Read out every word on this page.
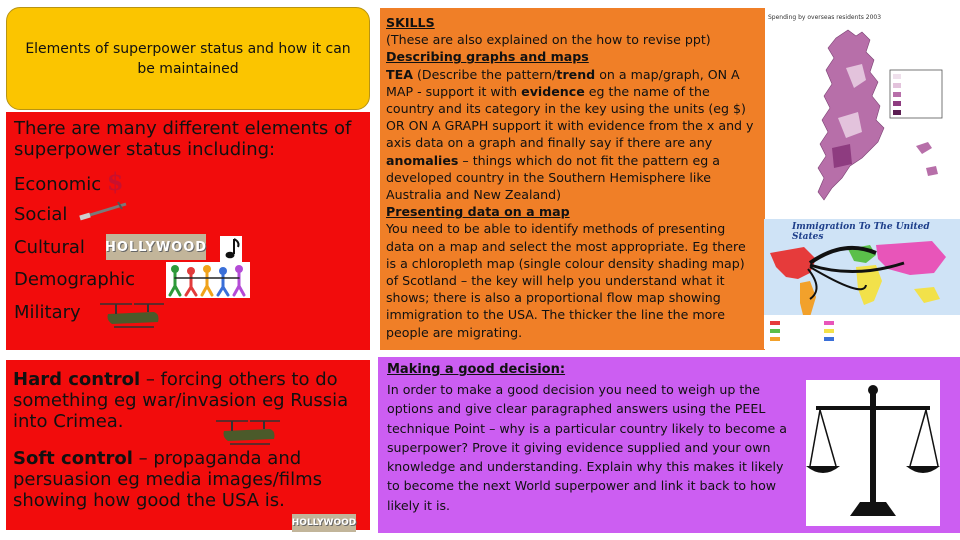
Elements of superpower status and how it can be maintained
There are many different elements of superpower status including:
Economic $
Social
Cultural HOLLYWOOD
Demographic
Military
Hard control – forcing others to do something eg war/invasion eg Russia into Crimea.
Soft control – propaganda and persuasion eg media images/films showing how good the USA is.
HOLLYWOOD
SKILLS
(These are also explained on the how to revise ppt)
Describing graphs and maps
TEA (Describe the pattern/trend on a map/graph, ON A MAP - support it with evidence eg the name of the country and its category in the key using the units (eg $) OR ON A GRAPH support it with evidence from the x and y axis data on a graph and finally say if there are any anomalies – things which do not fit the pattern eg a developed country in the Southern Hemisphere like Australia and New Zealand)
Presenting data on a map
You need to be able to identify methods of presenting data on a map and select the most appropriate. Eg there is a chloropleth map (single colour density shading map) of Scotland – the key will help you understand what it shows; there is also a proportional flow map showing immigration to the USA. The thicker the line the more people are migrating.
Spending by overseas residents 2003
Immigration To The United States
Making a good decision:
In order to make a good decision you need to weigh up the options and give clear paragraphed answers using the PEEL technique Point – why is a particular country likely to become a superpower? Prove it giving evidence supplied and your own knowledge and understanding. Explain why this makes it likely to become the next World superpower and link it back to how likely it is.
